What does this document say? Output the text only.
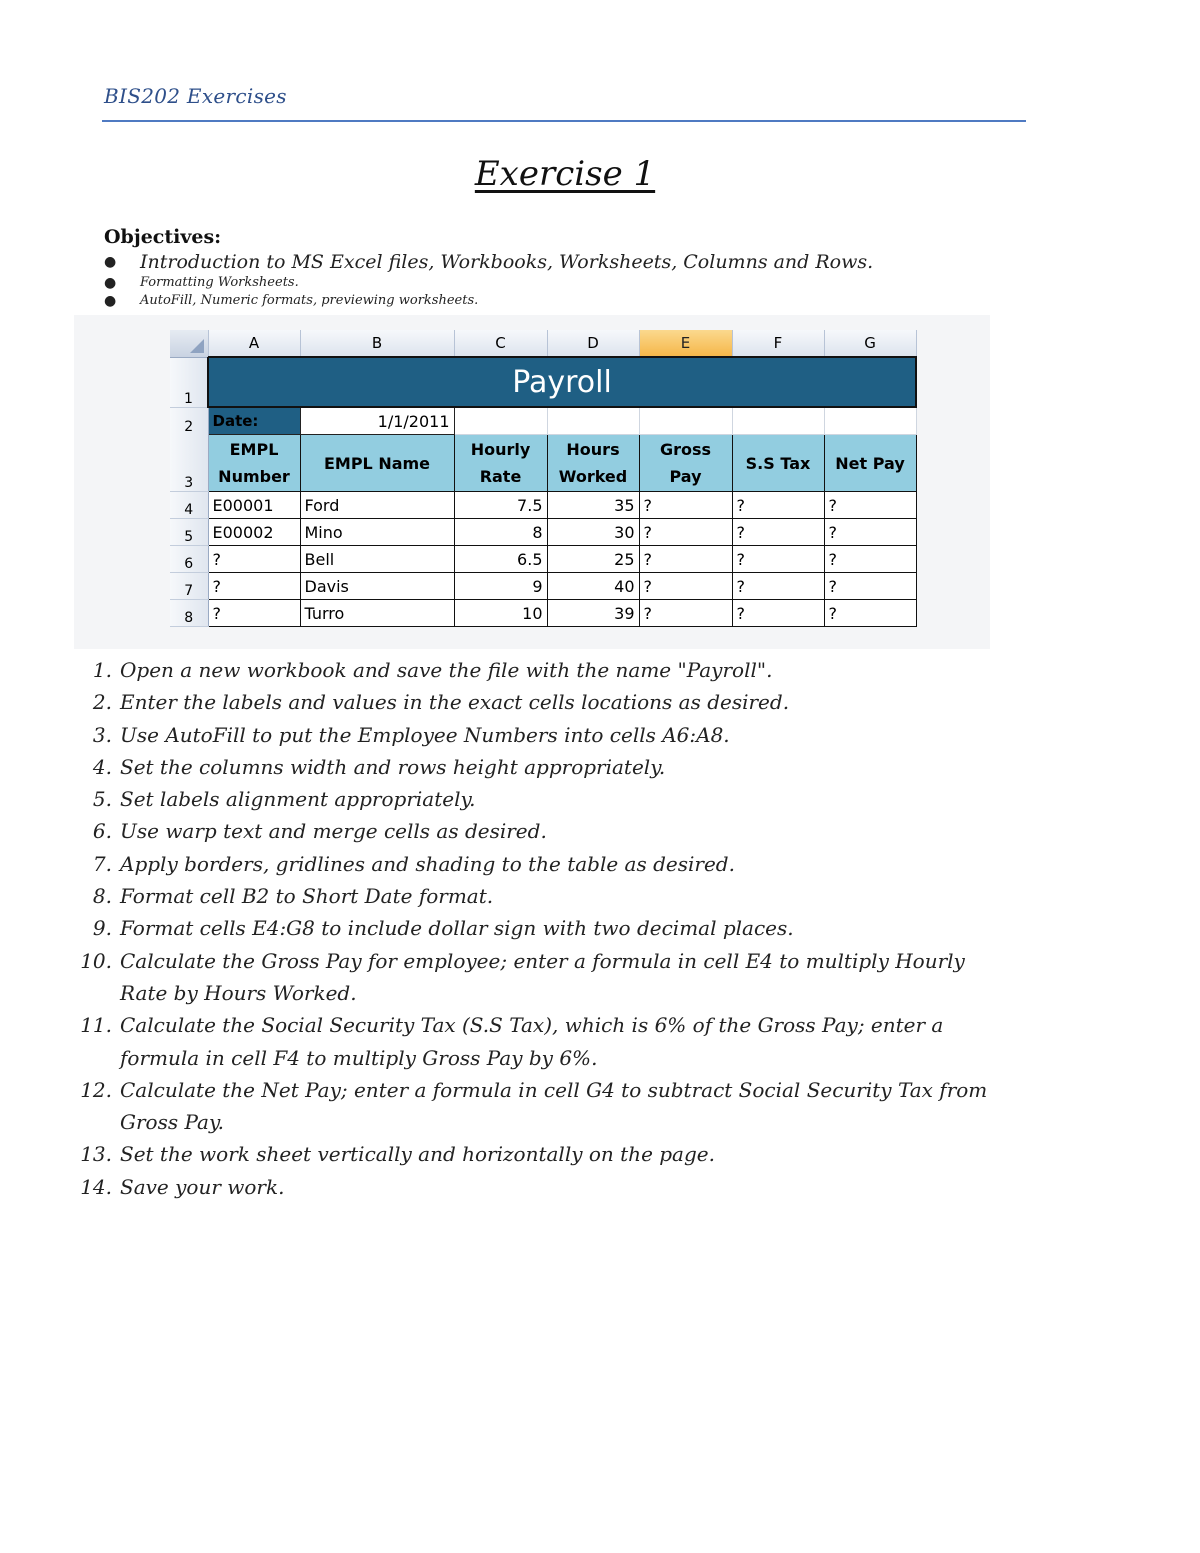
BIS202 Exercises
Exercise 1
Objectives:
● Introduction to MS Excel files, Workbooks, Worksheets, Columns and Rows.
● Formatting Worksheets.
● AutoFill, Numeric formats, previewing worksheets.
	A	B	C	D	E	F	G
1	Payroll						
2	Date:	1/1/2011					
3	EMPL Number	EMPL Name	Hourly Rate	Hours Worked	Gross Pay	S.S Tax	Net Pay
4	E00001	Ford	7.5	35	?	?	?
5	E00002	Mino	8	30	?	?	?
6	?	Bell	6.5	25	?	?	?
7	?	Davis	9	40	?	?	?
8	?	Turro	10	39	?	?	?
1. Open a new workbook and save the file with the name "Payroll".
2. Enter the labels and values in the exact cells locations as desired.
3. Use AutoFill to put the Employee Numbers into cells A6:A8.
4. Set the columns width and rows height appropriately.
5. Set labels alignment appropriately.
6. Use warp text and merge cells as desired.
7. Apply borders, gridlines and shading to the table as desired.
8. Format cell B2 to Short Date format.
9. Format cells E4:G8 to include dollar sign with two decimal places.
10. Calculate the Gross Pay for employee; enter a formula in cell E4 to multiply Hourly
Rate by Hours Worked.
11. Calculate the Social Security Tax (S.S Tax), which is 6% of the Gross Pay; enter a
formula in cell F4 to multiply Gross Pay by 6%.
12. Calculate the Net Pay; enter a formula in cell G4 to subtract Social Security Tax from
Gross Pay.
13. Set the work sheet vertically and horizontally on the page.
14. Save your work.
